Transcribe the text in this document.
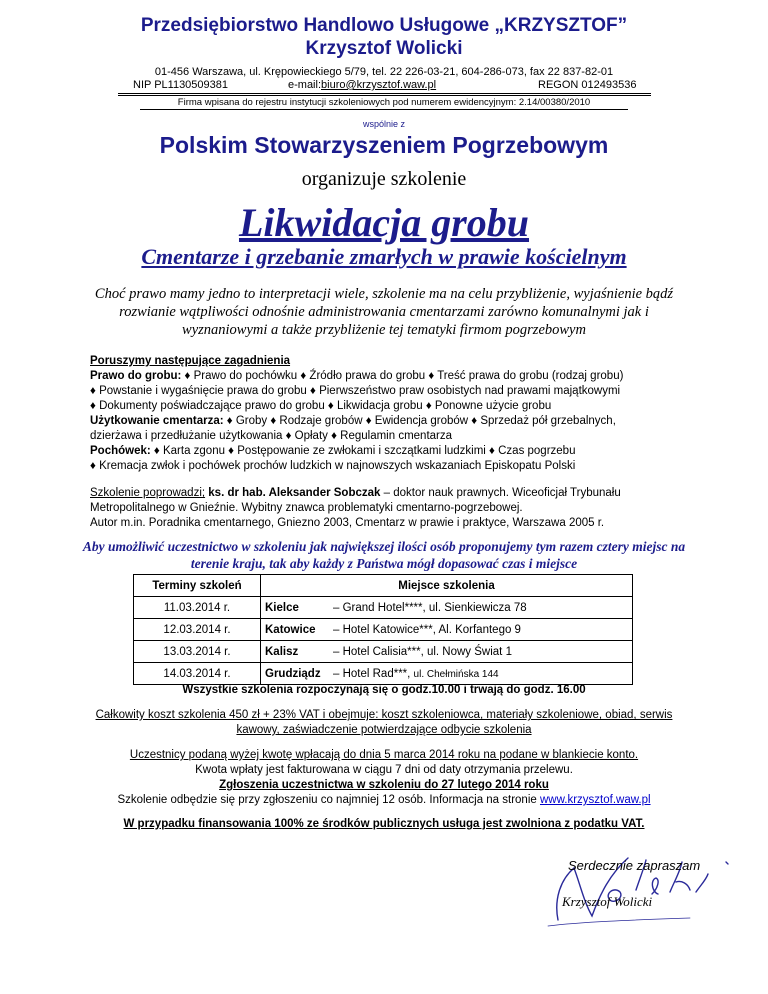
Przedsiębiorstwo Handlowo Usługowe „KRZYSZTOF”
Krzysztof Wolicki
01-456 Warszawa, ul. Krępowieckiego 5/79, tel. 22 226-03-21, 604-286-073, fax 22 837-82-01
NIP PL1130509381	e-mail:biuro@krzysztof.waw.pl	REGON 012493536
Firma wpisana do rejestru instytucji szkoleniowych pod numerem ewidencyjnym: 2.14/00380/2010
wspólnie z
Polskim Stowarzyszeniem Pogrzebowym
organizuje szkolenie
Likwidacja grobu
Cmentarze i grzebanie zmarłych w prawie kościelnym
Choć prawo mamy jedno to interpretacji wiele, szkolenie ma na celu przybliżenie, wyjaśnienie bądź rozwianie wątpliwości odnośnie administrowania cmentarzami zarówno komunalnymi jak i wyznaniowymi a także przybliżenie tej tematyki firmom pogrzebowym

Poruszymy następujące zagadnienia

Prawo do grobu: ♦ Prawo do pochówku ♦ Źródło prawa do grobu ♦ Treść prawa do grobu (rodzaj grobu)

♦ Powstanie i wygaśnięcie prawa do grobu ♦ Pierwszeństwo praw osobistych nad prawami majątkowymi

♦ Dokumenty poświadczające prawo do grobu ♦ Likwidacja grobu ♦ Ponowne użycie grobu

Użytkowanie cmentarza: ♦ Groby ♦ Rodzaje grobów ♦ Ewidencja grobów ♦ Sprzedaż pół grzebalnych,

dzierżawa i przedłużanie użytkowania ♦ Opłaty ♦ Regulamin cmentarza

Pochówek: ♦ Karta zgonu ♦ Postępowanie ze zwłokami i szczątkami ludzkimi ♦ Czas pogrzebu

♦ Kremacja zwłok i pochówek prochów ludzkich w najnowszych wskazaniach Episkopatu Polski

Szkolenie poprowadzi; ks. dr hab. Aleksander Sobczak – doktor nauk prawnych. Wiceoficjał Trybunału

Metropolitalnego w Gnieźnie. Wybitny znawca problematyki cmentarno-pogrzebowej.

Autor m.in. Poradnika cmentarnego, Gniezno 2003, Cmentarz w prawie i praktyce, Warszawa 2005 r.

Aby umożliwić uczestnictwo w szkoleniu jak największej ilości osób proponujemy tym razem cztery miejsc na terenie kraju, tak aby każdy z Państwa mógł dopasować czas i miejsce
Terminy szkoleń	Miejsce szkolenia
11.03.2014 r.	Kielce – Grand Hotel****, ul. Sienkiewicza 78
12.03.2014 r.	Katowice – Hotel Katowice***, Al. Korfantego 9
13.03.2014 r.	Kalisz – Hotel Calisia***, ul. Nowy Świat 1
14.03.2014 r.	Grudziądz – Hotel Rad***, ul. Chełmińska 144
Wszystkie szkolenia rozpoczynają się o godz.10.00 i trwają do godz. 16.00
Całkowity koszt szkolenia 450 zł + 23% VAT i obejmuje: koszt szkoleniowca, materiały szkoleniowe, obiad, serwis kawowy, zaświadczenie potwierdzające odbycie szkolenia

Uczestnicy podaną wyżej kwotę wpłacają do dnia 5 marca 2014 roku na podane w blankiecie konto.

Kwota wpłaty jest fakturowana w ciągu 7 dni od daty otrzymania przelewu.

Zgłoszenia uczestnictwa w szkoleniu do 27 lutego 2014 roku

Szkolenie odbędzie się przy zgłoszeniu co najmniej 12 osób. Informacja na stronie www.krzysztof.waw.pl

W przypadku finansowania 100% ze środków publicznych usługa jest zwolniona z podatku VAT.
Serdecznie zapraszam
Krzysztof Wolicki
